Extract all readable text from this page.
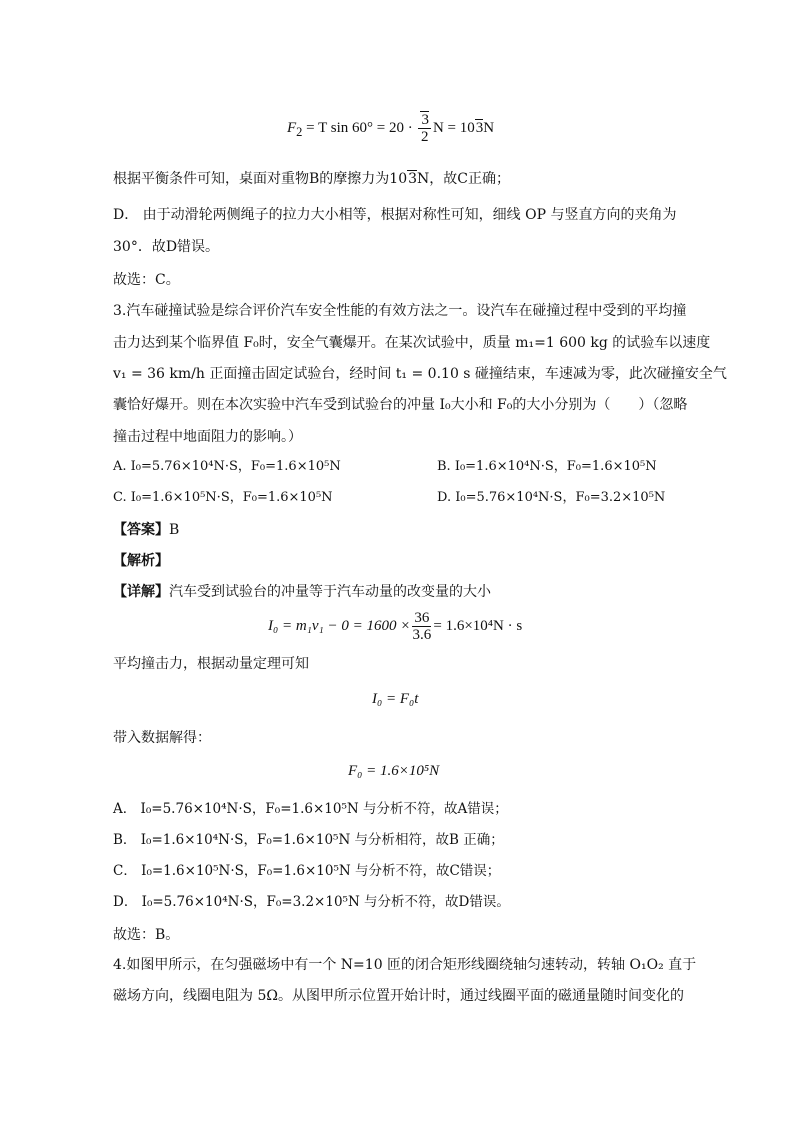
$F_2 = T$ $\sin 60^\circ = 20 \cdot \frac{3}{2}$ N = 103N
根据平衡条件可知，桌面对重物B的摩擦力为103N，故C正确；
D． 由于动滑轮两侧绳子的拉力大小相等，根据对称性可知，细线 OP 与竖直方向的夹角为
30°．故D错误。
故选：C。
3.汽车碰撞试验是综合评价汽车安全性能的有效方法之一。设汽车在碰撞过程中受到的平均撞
击力达到某个临界值 F₀时，安全气囊爆开。在某次试验中，质量 m₁=1 600 kg 的试验车以速度
v₁ = 36 km/h 正面撞击固定试验台，经时间 t₁ = 0.10 s 碰撞结束，车速减为零，此次碰撞安全气
囊恰好爆开。则在本次实验中汽车受到试验台的冲量 I₀大小和 F₀的大小分别为（　　）（忽略
撞击过程中地面阻力的影响。）
A. I₀=5.76×10⁴N·S，F₀=1.6×10⁵N	B. I₀=1.6×10⁴N·S，F₀=1.6×10⁵N
C. I₀=1.6×10⁵N·S，F₀=1.6×10⁵N	D. I₀=5.76×10⁴N·S，F₀=3.2×10⁵N
【答案】B
【解析】
【详解】汽车受到试验台的冲量等于汽车动量的改变量的大小
$I_0 = m_1v_1 - 0 = 1600 \times \frac{36}{3.6} = 1.6\times 10^4N \cdot s$
平均撞击力，根据动量定理可知
I₀ = F₀t
带入数据解得：
F₀ = 1.6×10⁵N
A． I₀=5.76×10⁴N·S，F₀=1.6×10⁵N 与分析不符，故A错误；
B． I₀=1.6×10⁴N·S，F₀=1.6×10⁵N 与分析相符，故B 正确；
C． I₀=1.6×10⁵N·S，F₀=1.6×10⁵N 与分析不符，故C错误；
D． I₀=5.76×10⁴N·S，F₀=3.2×10⁵N 与分析不符，故D错误。
故选：B。
4.如图甲所示，在匀强磁场中有一个 N=10 匝的闭合矩形线圈绕轴匀速转动，转轴 O₁O₂ 直于
磁场方向，线圈电阻为 5Ω。从图甲所示位置开始计时，通过线圈平面的磁通量随时间变化的
